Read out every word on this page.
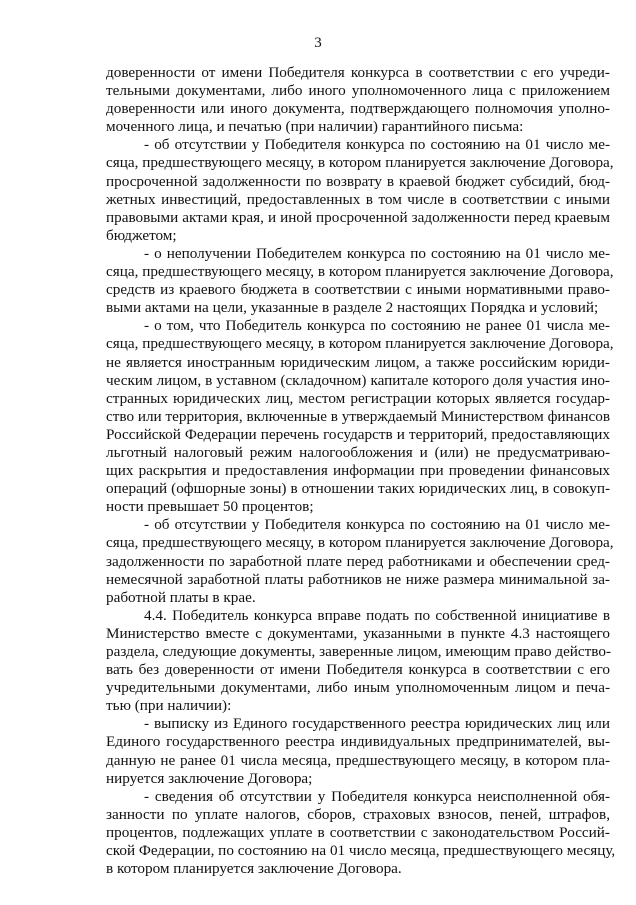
3
доверенности от имени Победителя конкурса в соответствии с его учреди-
тельными документами, либо иного уполномоченного лица с приложением
доверенности или иного документа, подтверждающего полномочия уполно-
моченного лица, и печатью (при наличии) гарантийного письма:
- об отсутствии у Победителя конкурса по состоянию на 01 число ме-
сяца, предшествующего месяцу, в котором планируется заключение Договора,
просроченной задолженности по возврату в краевой бюджет субсидий, бюд-
жетных инвестиций, предоставленных в том числе в соответствии с иными
правовыми актами края, и иной просроченной задолженности перед краевым
бюджетом;
- о неполучении Победителем конкурса по состоянию на 01 число ме-
сяца, предшествующего месяцу, в котором планируется заключение Договора,
средств из краевого бюджета в соответствии с иными нормативными право-
выми актами на цели, указанные в разделе 2 настоящих Порядка и условий;
- о том, что Победитель конкурса по состоянию не ранее 01 числа ме-
сяца, предшествующего месяцу, в котором планируется заключение Договора,
не является иностранным юридическим лицом, а также российским юриди-
ческим лицом, в уставном (складочном) капитале которого доля участия ино-
странных юридических лиц, местом регистрации которых является государ-
ство или территория, включенные в утверждаемый Министерством финансов
Российской Федерации перечень государств и территорий, предоставляющих
льготный налоговый режим налогообложения и (или) не предусматриваю-
щих раскрытия и предоставления информации при проведении финансовых
операций (офшорные зоны) в отношении таких юридических лиц, в совокуп-
ности превышает 50 процентов;
- об отсутствии у Победителя конкурса по состоянию на 01 число ме-
сяца, предшествующего месяцу, в котором планируется заключение Договора,
задолженности по заработной плате перед работниками и обеспечении сред-
немесячной заработной платы работников не ниже размера минимальной за-
работной платы в крае.
4.4. Победитель конкурса вправе подать по собственной инициативе в
Министерство вместе с документами, указанными в пункте 4.3 настоящего
раздела, следующие документы, заверенные лицом, имеющим право действо-
вать без доверенности от имени Победителя конкурса в соответствии с его
учредительными документами, либо иным уполномоченным лицом и печа-
тью (при наличии):
- выписку из Единого государственного реестра юридических лиц или
Единого государственного реестра индивидуальных предпринимателей, вы-
данную не ранее 01 числа месяца, предшествующего месяцу, в котором пла-
нируется заключение Договора;
- сведения об отсутствии у Победителя конкурса неисполненной обя-
занности по уплате налогов, сборов, страховых взносов, пеней, штрафов,
процентов, подлежащих уплате в соответствии с законодательством Россий-
ской Федерации, по состоянию на 01 число месяца, предшествующего месяцу,
в котором планируется заключение Договора.
